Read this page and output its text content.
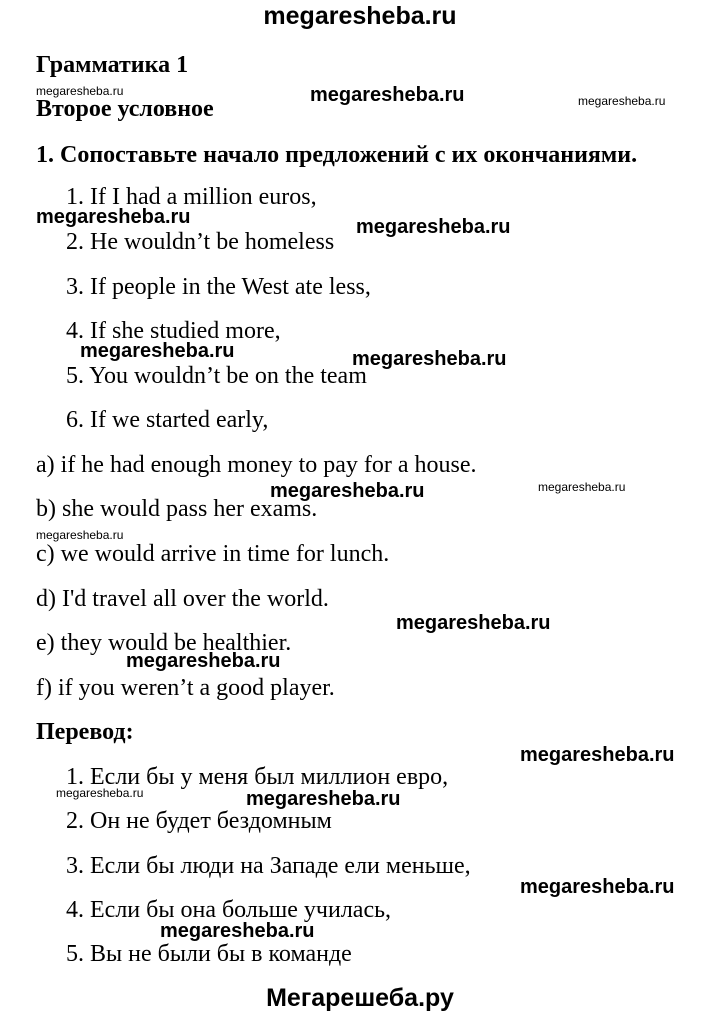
megaresheba.ru
Мегарешеба.ру
Грамматика 1
Второе условное
1. Сопоставьте начало предложений с их окончаниями.
1. If I had a million euros,
2. He wouldn’t be homeless
3. If people in the West ate less,
4. If she studied more,
5. You wouldn’t be on the team
6. If we started early,
a) if he had enough money to pay for a house.
b) she would pass her exams.
c) we would arrive in time for lunch.
d) I'd travel all over the world.
e) they would be healthier.
f) if you weren’t a good player.
Перевод:
1. Если бы у меня был миллион евро,
2. Он не будет бездомным
3. Если бы люди на Западе ели меньше,
4. Если бы она больше училась,
5. Вы не были бы в команде
megaresheba.ru
megaresheba.ru	megaresheba.ru
megaresheba.ru	megaresheba.ru
megaresheba.ru
megaresheba.ru
megaresheba.ru
megaresheba.ru
megaresheba.ru
megaresheba.ru
megaresheba.ru
megaresheba.ru
megaresheba.ru
megaresheba.ru
megaresheba.ru
megaresheba.ru
